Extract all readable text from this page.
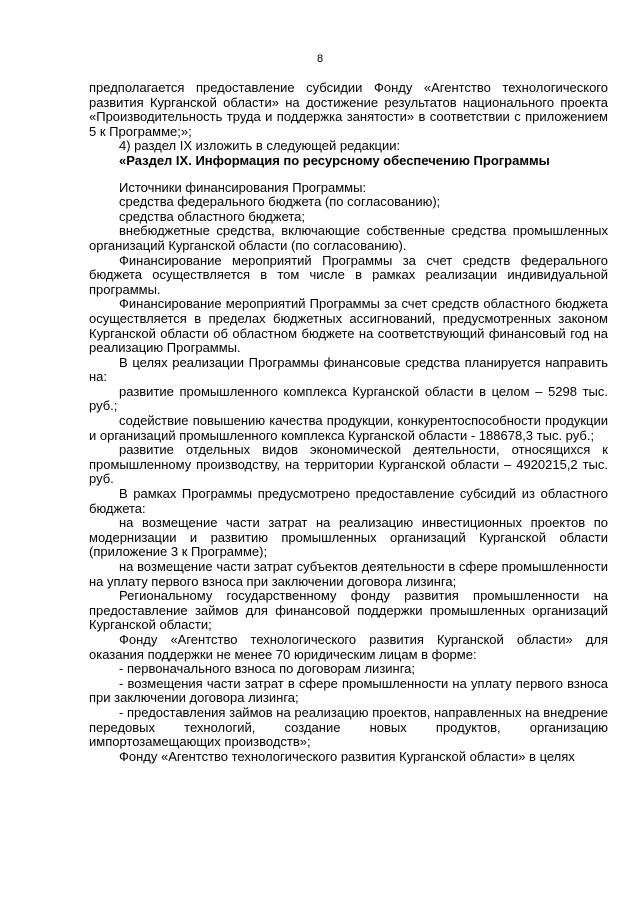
8

предполагается предоставление субсидии Фонду «Агентство технологического развития Курганской области» на достижение результатов национального проекта «Производительность труда и поддержка занятости» в соответствии с приложением 5 к Программе;»;

4) раздел IX изложить в следующей редакции:

«Раздел IX. Информация по ресурсному обеспечению Программы

Источники финансирования Программы:

средства федерального бюджета (по согласованию);

средства областного бюджета;

внебюджетные средства, включающие собственные средства промышленных организаций Курганской области (по согласованию).

Финансирование мероприятий Программы за счет средств федерального бюджета осуществляется в том числе в рамках реализации индивидуальной программы.

Финансирование мероприятий Программы за счет средств областного бюджета осуществляется в пределах бюджетных ассигнований, предусмотренных законом Курганской области об областном бюджете на соответствующий финансовый год на реализацию Программы.

В целях реализации Программы финансовые средства планируется направить на:

развитие промышленного комплекса Курганской области в целом – 5298 тыс. руб.;

содействие повышению качества продукции, конкурентоспособности продукции и организаций промышленного комплекса Курганской области - 188678,3 тыс. руб.;

развитие отдельных видов экономической деятельности, относящихся к промышленному производству, на территории Курганской области – 4920215,2 тыс. руб.

В рамках Программы предусмотрено предоставление субсидий из областного бюджета:

на возмещение части затрат на реализацию инвестиционных проектов по модернизации и развитию промышленных организаций Курганской области (приложение 3 к Программе);

на возмещение части затрат субъектов деятельности в сфере промышленности на уплату первого взноса при заключении договора лизинга;

Региональному государственному фонду развития промышленности на предоставление займов для финансовой поддержки промышленных организаций Курганской области;

Фонду «Агентство технологического развития Курганской области» для оказания поддержки не менее 70 юридическим лицам в форме:

- первоначального взноса по договорам лизинга;

- возмещения части затрат в сфере промышленности на уплату первого взноса при заключении договора лизинга;

- предоставления займов на реализацию проектов, направленных на внедрение передовых технологий, создание новых продуктов, организацию импортозамещающих производств»;

Фонду «Агентство технологического развития Курганской области» в целях
